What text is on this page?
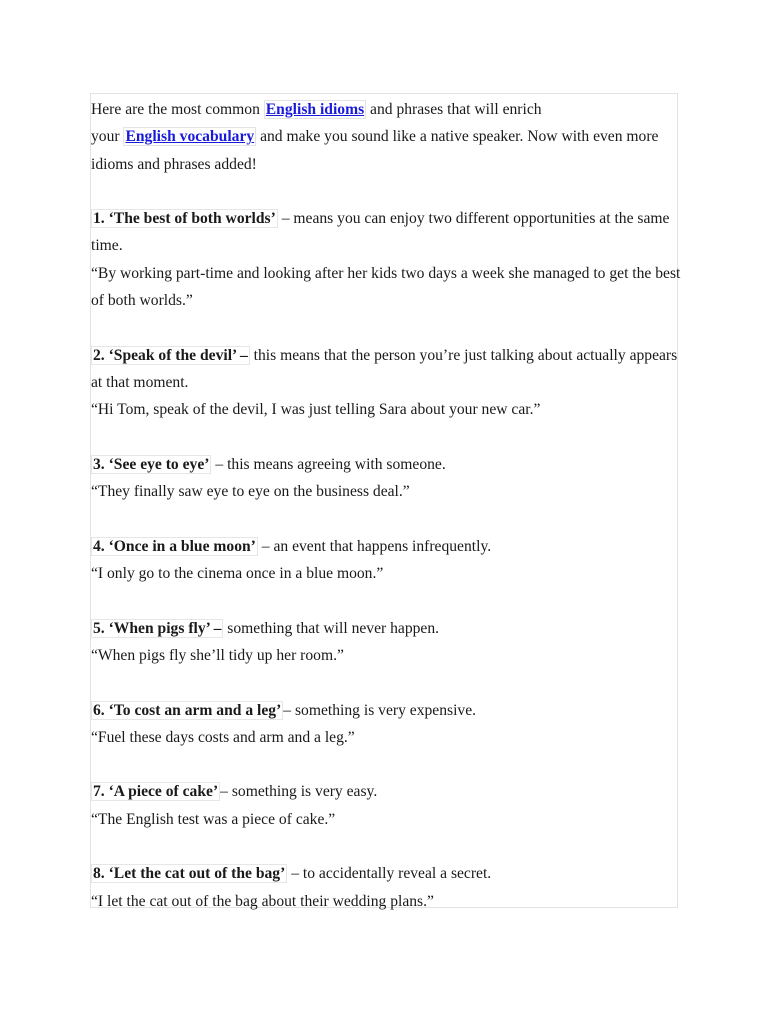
Here are the most common English idioms and phrases that will enrich
your English vocabulary and make you sound like a native speaker. Now with even more idioms and phrases added!

1. ‘The best of both worlds’ – means you can enjoy two different opportunities at the same time.

“By working part-time and looking after her kids two days a week she managed to get the best of both worlds.”

2. ‘Speak of the devil’ – this means that the person you’re just talking about actually appears at that moment.

“Hi Tom, speak of the devil, I was just telling Sara about your new car.”

3. ‘See eye to eye’ – this means agreeing with someone.

“They finally saw eye to eye on the business deal.”

4. ‘Once in a blue moon’ – an event that happens infrequently.

“I only go to the cinema once in a blue moon.”

5. ‘When pigs fly’ – something that will never happen.

“When pigs fly she’ll tidy up her room.”

6. ‘To cost an arm and a leg’ – something is very expensive.

“Fuel these days costs and arm and a leg.”

7. ‘A piece of cake’ – something is very easy.

“The English test was a piece of cake.”

8. ‘Let the cat out of the bag’ – to accidentally reveal a secret.

“I let the cat out of the bag about their wedding plans.”
